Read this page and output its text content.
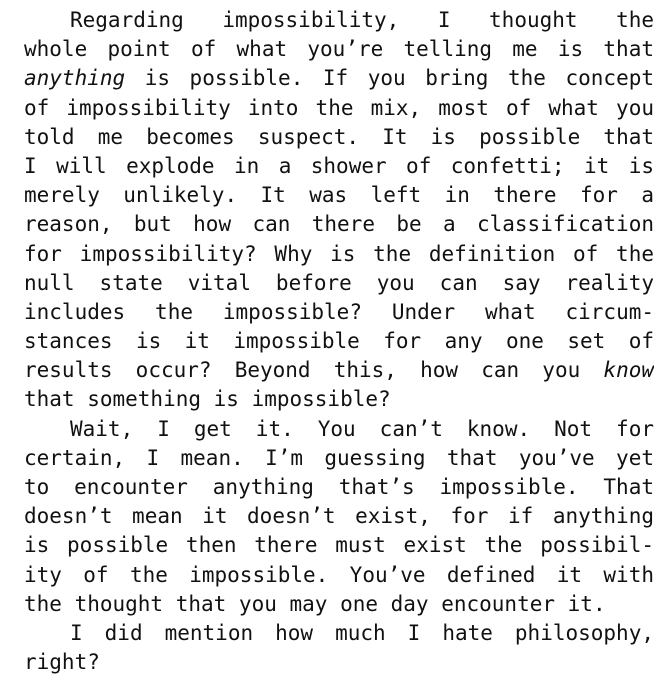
Regarding impossibility, I thought the
whole point of what you’re telling me is that
anything is possible. If you bring the concept
of impossibility into the mix, most of what you
told me becomes suspect. It is possible that
I will explode in a shower of confetti; it is
merely unlikely. It was left in there for a
reason, but how can there be a classification
for impossibility? Why is the definition of the
null state vital before you can say reality
includes the impossible? Under what circum-
stances is it impossible for any one set of
results occur? Beyond this, how can you know
that something is impossible?
Wait, I get it. You can’t know. Not for
certain, I mean. I’m guessing that you’ve yet
to encounter anything that’s impossible. That
doesn’t mean it doesn’t exist, for if anything
is possible then there must exist the possibil-
ity of the impossible. You’ve defined it with
the thought that you may one day encounter it.
I did mention how much I hate philosophy,
right?
